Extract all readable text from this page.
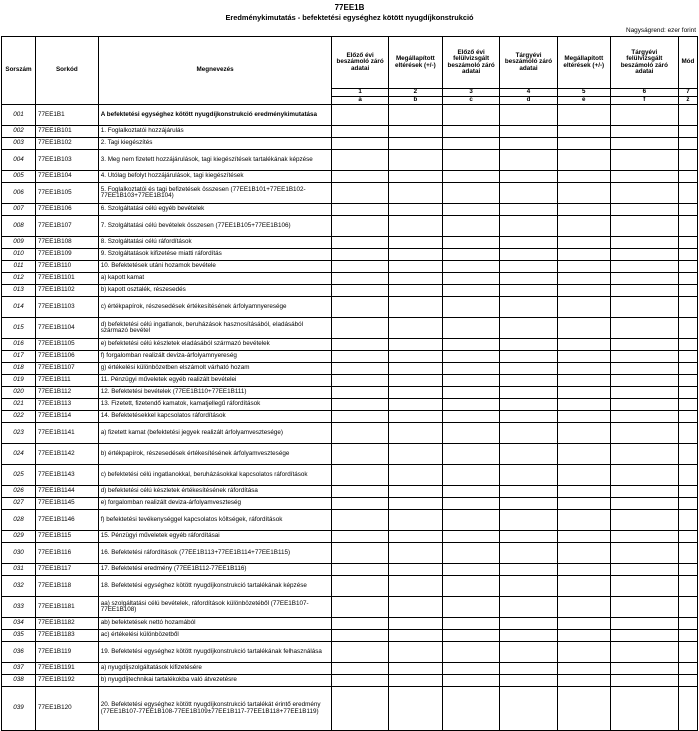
77EE1B
Eredménykimutatás - befektetési egységhez kötött nyugdíjkonstrukció
Nagyságrend: ezer forint
Sorszám	Sorkód	Megnevezés	Előző évi beszámoló záró adatai	Megállapított eltérések (+/-)	Előző évi felülvizsgált beszámoló záró adatai	Tárgyévi beszámoló záró adatai	Megállapított eltérések (+/-)	Tárgyévi felülvizsgált beszámoló záró adatai	Mód
			1	2	3	4	5	6	7
			a	b	c	d	e	f	z
001	77EE1B1	A befektetési egységhez kötött nyugdíjkonstrukció eredménykimutatása							
002	77EE1B101	1. Foglalkoztatói hozzájárulás							
003	77EE1B102	2. Tagi kiegészítés							
004	77EE1B103	3. Meg nem fizetett hozzájárulások, tagi kiegészítések tartalékának képzése							
005	77EE1B104	4. Utólag befolyt hozzájárulások, tagi kiegészítések							
006	77EE1B105	5. Foglalkoztatói és tagi befizetések összesen (77EE1B101+77EE1B102-77EE1B103+77EE1B104)							
007	77EE1B106	6. Szolgáltatási célú egyéb bevételek							
008	77EE1B107	7. Szolgáltatási célú bevételek összesen (77EE1B105+77EE1B106)							
009	77EE1B108	8. Szolgáltatási célú ráfordítások							
010	77EE1B109	9. Szolgáltatások kifizetése miatti ráfordítás							
011	77EE1B110	10. Befektetések utáni hozamok bevétele							
012	77EE1B1101	a) kapott kamat							
013	77EE1B1102	b) kapott osztalék, részesedés							
014	77EE1B1103	c) értékpapírok, részesedések értékesítésének árfolyamnyeresége							
015	77EE1B1104	d) befektetési célú ingatlanok, beruházások hasznosításából, eladásából származó bevétel							
016	77EE1B1105	e) befektetési célú készletek eladásából származó bevételek							
017	77EE1B1106	f) forgalomban realizált deviza-árfolyamnyereség							
018	77EE1B1107	g) értékelési különbözetben elszámolt várható hozam							
019	77EE1B111	11. Pénzügyi műveletek egyéb realizált bevételei							
020	77EE1B112	12. Befektetési bevételek (77EE1B110+77EE1B111)							
021	77EE1B113	13. Fizetett, fizetendő kamatok, kamatjellegű ráfordítások							
022	77EE1B114	14. Befektetésekkel kapcsolatos ráfordítások							
023	77EE1B1141	a) fizetett kamat (befektetési jegyek realizált árfolyamvesztesége)							
024	77EE1B1142	b) értékpapírok, részesedések értékesítésének árfolyamvesztesége							
025	77EE1B1143	c) befektetési célú ingatlanokkal, beruházásokkal kapcsolatos ráfordítások							
026	77EE1B1144	d) befektetési célú készletek értékesítésének ráfordítása							
027	77EE1B1145	e) forgalomban realizált deviza-árfolyamveszteség							
028	77EE1B1146	f) befektetési tevékenységgel kapcsolatos költségek, ráfordítások							
029	77EE1B115	15. Pénzügyi műveletek egyéb ráfordításai							
030	77EE1B116	16. Befektetési ráfordítások (77EE1B113+77EE1B114+77EE1B115)							
031	77EE1B117	17. Befektetési eredmény (77EE1B112-77EE1B116)							
032	77EE1B118	18. Befektetési egységhez kötött nyugdíjkonstrukció tartalékának képzése							
033	77EE1B1181	aa) szolgáltatási célú bevételek, ráfordítások különbözetéből (77EE1B107-77EE1B108)							
034	77EE1B1182	ab) befektetések nettó hozamából							
035	77EE1B1183	ac) értékelési különbözetből							
036	77EE1B119	19. Befektetési egységhez kötött nyugdíjkonstrukció tartalékának felhasználása							
037	77EE1B1191	a) nyugdíjszolgáltatások kifizetésére							
038	77EE1B1192	b) nyugdíjtechnikai tartalékokba való átvezetésre							
039	77EE1B120	20. Befektetési egységhez kötött nyugdíjkonstrukció tartalékát érintő eredmény (77EE1B107-77EE1B108-77EE1B109±77EE1B117-77EE1B118+77EE1B119)							
